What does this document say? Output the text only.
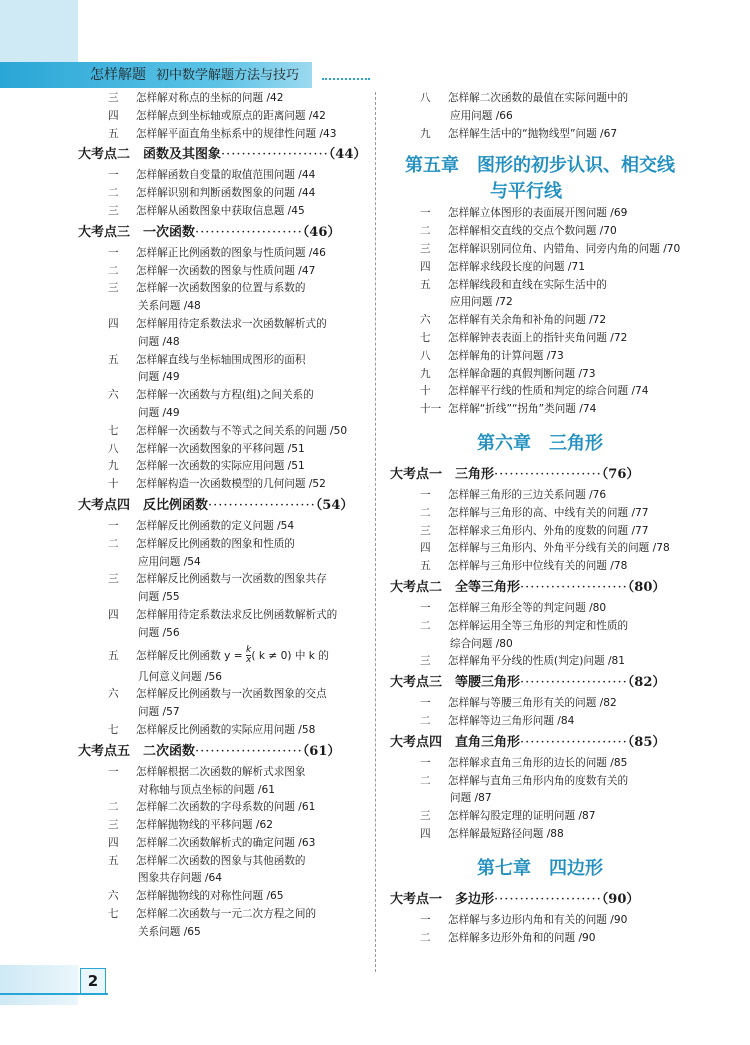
怎样解题 初中数学解题方法与技巧
三 怎样解对称点的坐标的问题 /42
四 怎样解点到坐标轴或原点的距离问题 /42
五 怎样解平面直角坐标系中的规律性问题 /43
大考点二　函数及其图象·····················（44）
一 怎样解函数自变量的取值范围问题 /44
二 怎样解识别和判断函数图象的问题 /44
三 怎样解从函数图象中获取信息题 /45
大考点三　一次函数·····················（46）
一 怎样解正比例函数的图象与性质问题 /46
二 怎样解一次函数的图象与性质问题 /47
三 怎样解一次函数图象的位置与系数的
关系问题 /48
四 怎样解用待定系数法求一次函数解析式的
问题 /48
五 怎样解直线与坐标轴围成图形的面积
问题 /49
六 怎样解一次函数与方程(组)之间关系的
问题 /49
七 怎样解一次函数与不等式之间关系的问题 /50
八 怎样解一次函数图象的平移问题 /51
九 怎样解一次函数的实际应用问题 /51
十 怎样解构造一次函数模型的几何问题 /52
大考点四　反比例函数·····················（54）
一 怎样解反比例函数的定义问题 /54
二 怎样解反比例函数的图象和性质的
应用问题 /54
三 怎样解反比例函数与一次函数的图象共存
问题 /55
四 怎样解用待定系数法求反比例函数解析式的
问题 /56
五 怎样解反比例函数 $y = \frac{k}{x}$( k ≠ 0) 中 k 的
几何意义问题 /56
六 怎样解反比例函数与一次函数图象的交点
问题 /57
七 怎样解反比例函数的实际应用问题 /58
大考点五　二次函数·····················（61）
一 怎样解根据二次函数的解析式求图象
对称轴与顶点坐标的问题 /61
二 怎样解二次函数的字母系数的问题 /61
三 怎样解抛物线的平移问题 /62
四 怎样解二次函数解析式的确定问题 /63
五 怎样解二次函数的图象与其他函数的
图象共存问题 /64
六 怎样解抛物线的对称性问题 /65
七 怎样解二次函数与一元二次方程之间的
关系问题 /65
八 怎样解二次函数的最值在实际问题中的
应用问题 /66
九 怎样解生活中的“抛物线型”问题 /67
第五章　图形的初步认识、相交线
与平行线
一 怎样解立体图形的表面展开图问题 /69
二 怎样解相交直线的交点个数问题 /70
三 怎样解识别同位角、内错角、同旁内角的问题 /70
四 怎样解求线段长度的问题 /71
五 怎样解线段和直线在实际生活中的
应用问题 /72
六 怎样解有关余角和补角的问题 /72
七 怎样解钟表表面上的指针夹角问题 /72
八 怎样解角的计算问题 /73
九 怎样解命题的真假判断问题 /73
十 怎样解平行线的性质和判定的综合问题 /74
十一 怎样解“折线”“拐角”类问题 /74
第六章　三角形
大考点一　三角形·····················（76）
一 怎样解三角形的三边关系问题 /76
二 怎样解与三角形的高、中线有关的问题 /77
三 怎样解求三角形内、外角的度数的问题 /77
四 怎样解与三角形内、外角平分线有关的问题 /78
五 怎样解与三角形中位线有关的问题 /78
大考点二　全等三角形·····················（80）
一 怎样解三角形全等的判定问题 /80
二 怎样解运用全等三角形的判定和性质的
综合问题 /80
三 怎样解角平分线的性质(判定)问题 /81
大考点三　等腰三角形·····················（82）
一 怎样解与等腰三角形有关的问题 /82
二 怎样解等边三角形问题 /84
大考点四　直角三角形·····················（85）
一 怎样解求直角三角形的边长的问题 /85
二 怎样解与直角三角形内角的度数有关的
问题 /87
三 怎样解勾股定理的证明问题 /87
四 怎样解最短路径问题 /88
第七章　四边形
大考点一　多边形·····················（90）
一 怎样解与多边形内角和有关的问题 /90
二 怎样解多边形外角和的问题 /90
2
